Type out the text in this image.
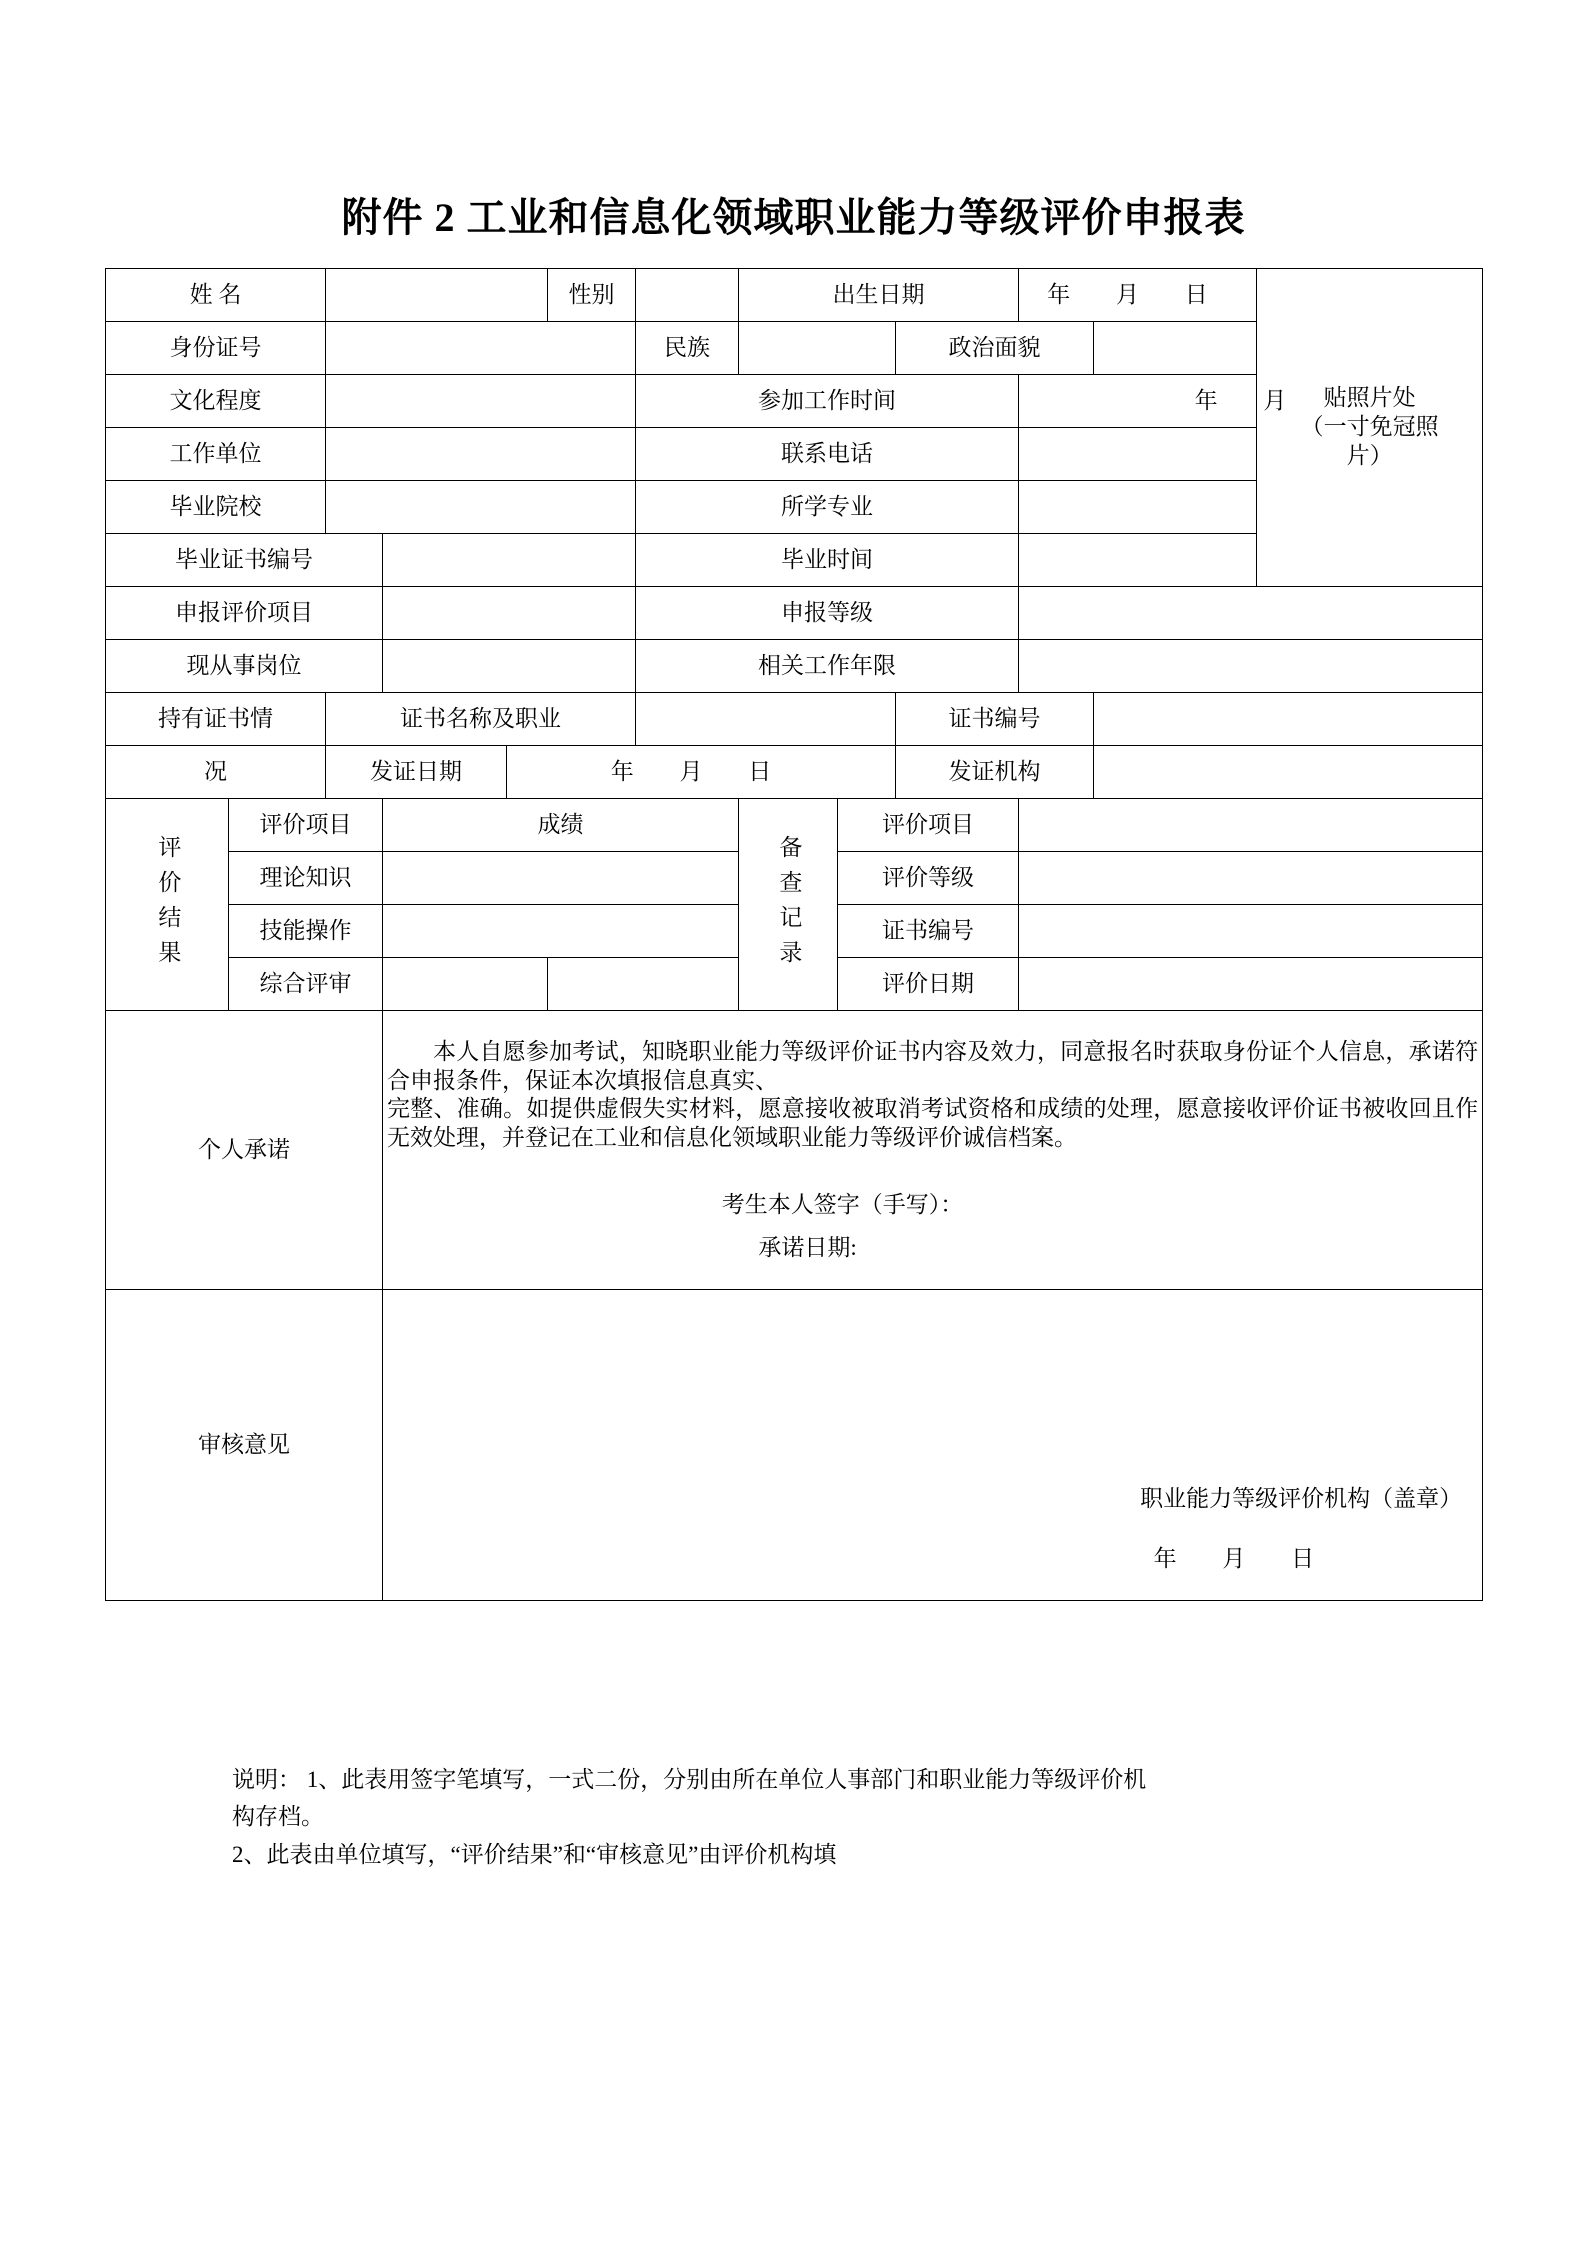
附件 2 工业和信息化领域职业能力等级评价申报表
姓 名					性别		出生日期			年 月 日		贴照片处
（一寸免冠照
片）

身份证号						民族			政治面貌			
文化程度						参加工作时间				年 月		
工作单位						联系电话						
毕业院校						所学专业						
毕业证书编号						毕业时间						
申报评价项目						申报等级						
现从事岗位						相关工作年限						
持有证书情		证书名称及职业							证书编号			
况		发证日期		年 月 日					发证机构			
评价结果	评价项目		成绩				备查记录	评价项目				
	理论知识							评价等级				
	技能操作							证书编号				
	综合评审							评价日期				
个人承诺			本人自愿参加考试，知晓职业能力等级评价证书内容及效力，同意报名时获取身份证个人信息，承诺符合申报条件，保证本次填报信息真实、

完整、准确。如提供虚假失实材料，愿意接收被取消考试资格和成绩的处理，愿意接收评价证书被收回且作无效处理，并登记在工业和信息化领域职业能力等级评价诚信档案。

考生本人签字（手写）：

承诺日期:									

审核意见			职业能力等级评价机构（盖章）
年 月 日									

说明： 1、此表用签字笔填写，一式二份，分别由所在单位人事部门和职业能力等级评价机

构存档。

2、此表由单位填写，“评价结果”和“审核意见”由评价机构填
